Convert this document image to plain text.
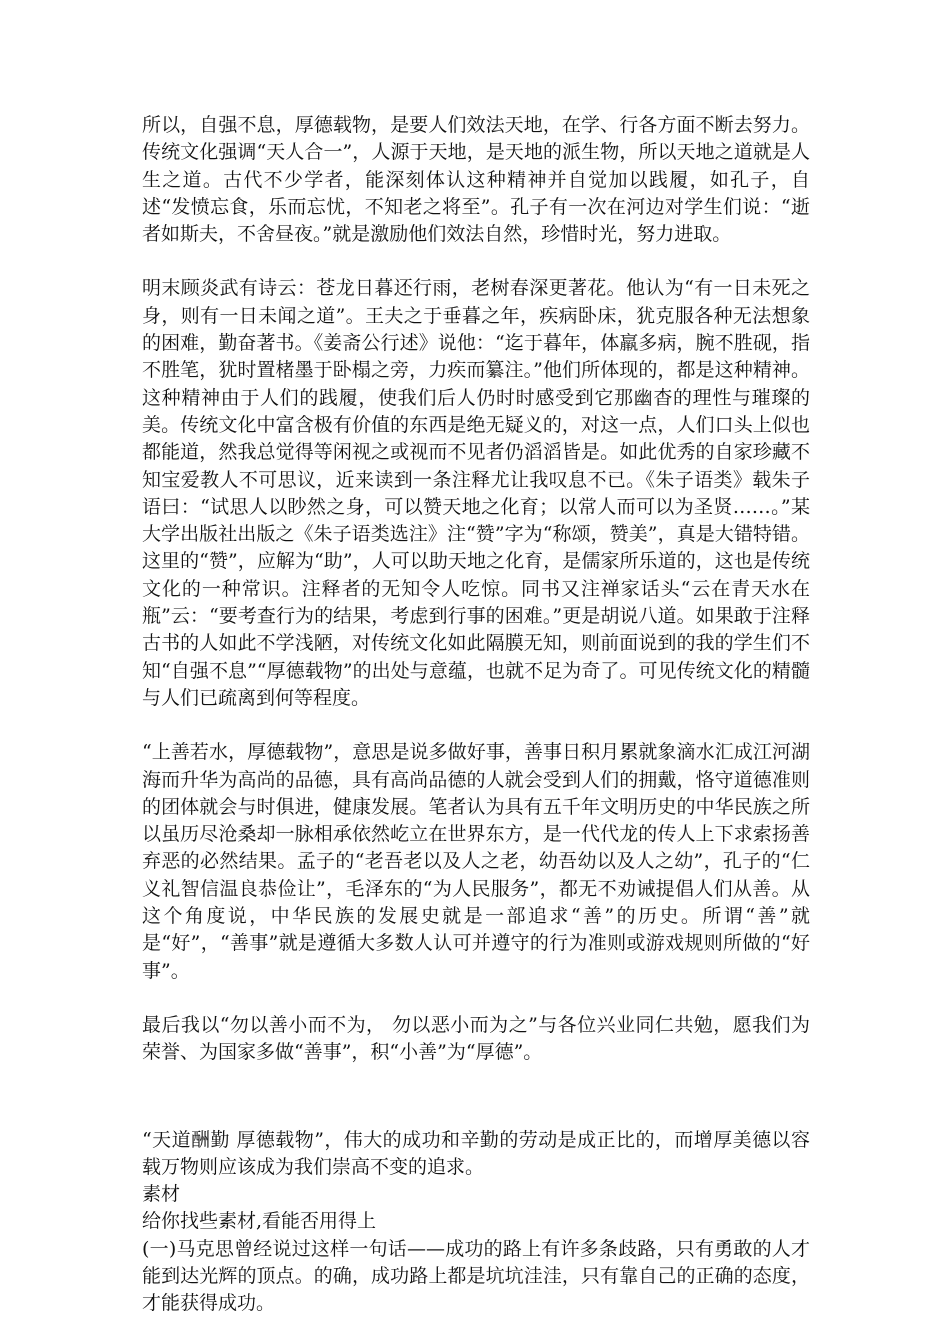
所以，自强不息，厚德载物，是要人们效法天地，在学、行各方面不断去努力。传统文化强调“天人合一”，人源于天地，是天地的派生物，所以天地之道就是人生之道。古代不少学者，能深刻体认这种精神并自觉加以践履，如孔子，自述“发愤忘食，乐而忘忧，不知老之将至”。孔子有一次在河边对学生们说：“逝者如斯夫，不舍昼夜。”就是激励他们效法自然，珍惜时光，努力进取。

明末顾炎武有诗云：苍龙日暮还行雨，老树春深更著花。他认为“有一日未死之身，则有一日未闻之道”。王夫之于垂暮之年，疾病卧床，犹克服各种无法想象的困难，勤奋著书。《姜斋公行述》说他：“迄于暮年，体羸多病，腕不胜砚，指不胜笔，犹时置楮墨于卧榻之旁，力疾而纂注。”他们所体现的，都是这种精神。这种精神由于人们的践履，使我们后人仍时时感受到它那幽杳的理性与璀璨的美。传统文化中富含极有价值的东西是绝无疑义的，对这一点，人们口头上似也都能道，然我总觉得等闲视之或视而不见者仍滔滔皆是。如此优秀的自家珍藏不知宝爱教人不可思议，近来读到一条注释尤让我叹息不已。《朱子语类》载朱子语曰：“试思人以眇然之身，可以赞天地之化育；以常人而可以为圣贤……。”某大学出版社出版之《朱子语类选注》注“赞”字为“称颂，赞美”，真是大错特错。这里的“赞”，应解为“助”，人可以助天地之化育，是儒家所乐道的，这也是传统文化的一种常识。注释者的无知令人吃惊。同书又注禅家话头“云在青天水在瓶”云：“要考查行为的结果，考虑到行事的困难。”更是胡说八道。如果敢于注释古书的人如此不学浅陋，对传统文化如此隔膜无知，则前面说到的我的学生们不知“自强不息”“厚德载物”的出处与意蕴，也就不足为奇了。可见传统文化的精髓与人们已疏离到何等程度。

“上善若水，厚德载物”，意思是说多做好事，善事日积月累就象滴水汇成江河湖海而升华为高尚的品德，具有高尚品德的人就会受到人们的拥戴，恪守道德准则的团体就会与时俱进，健康发展。笔者认为具有五千年文明历史的中华民族之所以虽历尽沧桑却一脉相承依然屹立在世界东方，是一代代龙的传人上下求索扬善弃恶的必然结果。孟子的“老吾老以及人之老，幼吾幼以及人之幼”，孔子的“仁义礼智信温良恭俭让”，毛泽东的“为人民服务”，都无不劝诫提倡人们从善。从这个角度说，中华民族的发展史就是一部追求“善”的历史。所谓“善”就是“好”，“善事”就是遵循大多数人认可并遵守的行为准则或游戏规则所做的“好事”。

最后我以“勿以善小而不为， 勿以恶小而为之”与各位兴业同仁共勉，愿我们为荣誉、为国家多做“善事”，积“小善”为“厚德”。

“天道酬勤 厚德载物”，伟大的成功和辛勤的劳动是成正比的，而增厚美德以容载万物则应该成为我们崇高不变的追求。

素材

给你找些素材,看能否用得上

(一)马克思曾经说过这样一句话——成功的路上有许多条歧路，只有勇敢的人才能到达光辉的顶点。的确，成功路上都是坑坑洼洼，只有靠自己的正确的态度，才能获得成功。
